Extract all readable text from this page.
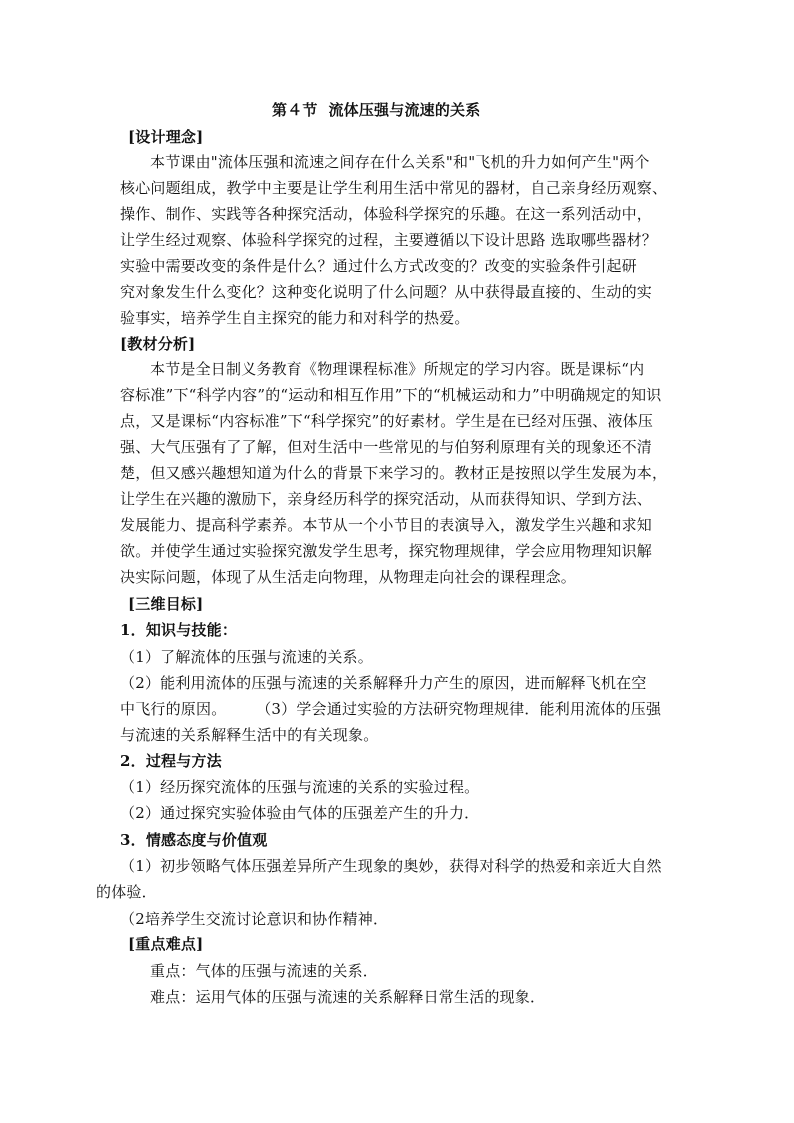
第４节  流体压强与流速的关系
[设计理念]
本节课由"流体压强和流速之间存在什么关系"和"飞机的升力如何产生"两个
核心问题组成，教学中主要是让学生利用生活中常见的器材，自己亲身经历观察、
操作、制作、实践等各种探究活动，体验科学探究的乐趣。在这一系列活动中，
让学生经过观察、体验科学探究的过程，主要遵循以下设计思路 选取哪些器材？
实验中需要改变的条件是什么？通过什么方式改变的？改变的实验条件引起研
究对象发生什么变化？这种变化说明了什么问题？从中获得最直接的、生动的实
验事实，培养学生自主探究的能力和对科学的热爱。
[教材分析]
本节是全日制义务教育《物理课程标准》所规定的学习内容。既是课标“内
容标准”下“科学内容”的“运动和相互作用”下的“机械运动和力”中明确规定的知识
点，又是课标“内容标准”下“科学探究”的好素材。学生是在已经对压强、液体压
强、大气压强有了了解，但对生活中一些常见的与伯努利原理有关的现象还不清
楚，但又感兴趣想知道为什么的背景下来学习的。教材正是按照以学生发展为本，
让学生在兴趣的激励下，亲身经历科学的探究活动，从而获得知识、学到方法、
发展能力、提高科学素养。本节从一个小节目的表演导入，激发学生兴趣和求知
欲。并使学生通过实验探究激发学生思考，探究物理规律，学会应用物理知识解
决实际问题，体现了从生活走向物理，从物理走向社会的课程理念。
[三维目标]
1．知识与技能：
（1）了解流体的压强与流速的关系。
（2）能利用流体的压强与流速的关系解释升力产生的原因，进而解释飞机在空
中飞行的原因。      （3）学会通过实验的方法研究物理规律．能利用流体的压强
与流速的关系解释生活中的有关现象。
2．过程与方法
（1）经历探究流体的压强与流速的关系的实验过程。
（2）通过探究实验体验由气体的压强差产生的升力．
3．情感态度与价值观
（1）初步领略气体压强差异所产生现象的奥妙，获得对科学的热爱和亲近大自然
的体验．
（2培养学生交流讨论意识和协作精神．
[重点难点]
重点：气体的压强与流速的关系．
难点：运用气体的压强与流速的关系解释日常生活的现象．
